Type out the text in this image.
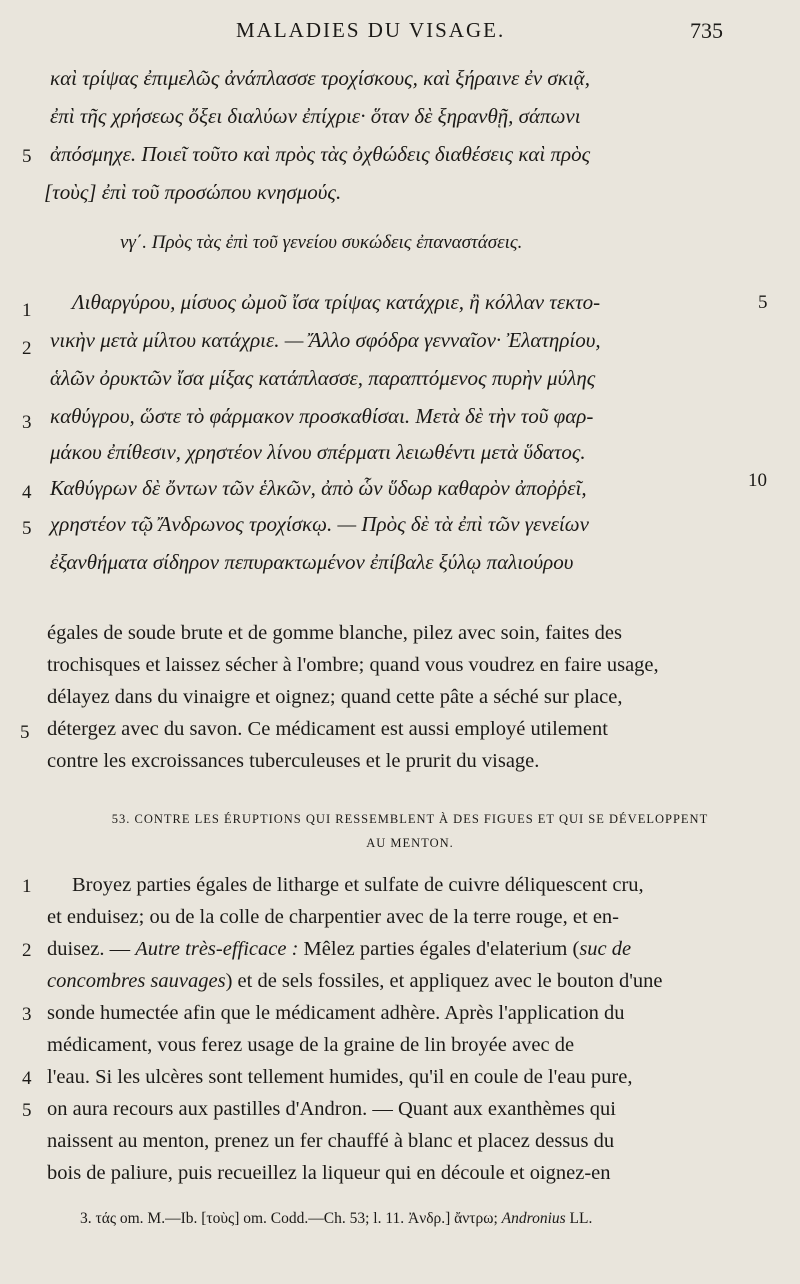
MALADIES DU VISAGE.	735
καὶ τρίψας ἐπιμελῶς ἀνάπλασσε τροχίσκους, καὶ ξήραινε ἐν σκιᾷ,
ἐπὶ τῆς χρήσεως ὄξει διαλύων ἐπίχριε· ὅταν δὲ ξηρανθῇ, σάπωνι
ἀπόσμηχε. Ποιεῖ τοῦτο καὶ πρὸς τὰς ὀχθώδεις διαθέσεις καὶ πρὸς
[τοὺς] ἐπὶ τοῦ προσώπου κνησμούς.
5
νγ΄. Πρὸς τὰς ἐπὶ τοῦ γενείου συκώδεις ἐπαναστάσεις.
Λιθαργύρου, μίσυος ὠμοῦ ἴσα τρίψας κατάχριε, ἢ κόλλαν τεκτο-
νικὴν μετὰ μίλτου κατάχριε. — Ἄλλο σφόδρα γενναῖον· Ἐλατηρίου,
ἁλῶν ὀρυκτῶν ἴσα μίξας κατάπλασσε, παραπτόμενος πυρὴν μύλης
καθύγρου, ὥστε τὸ φάρμακον προσκαθίσαι. Μετὰ δὲ τὴν τοῦ φαρ-
μάκου ἐπίθεσιν, χρηστέον λίνου σπέρματι λειωθέντι μετὰ ὕδατος.
Καθύγρων δὲ ὄντων τῶν ἑλκῶν, ἀπὸ ὧν ὕδωρ καθαρὸν ἀποῤῥεῖ,
χρηστέον τῷ Ἄνδρωνος τροχίσκῳ. — Πρὸς δὲ τὰ ἐπὶ τῶν γενείων
ἐξανθήματα σίδηρον πεπυρακτωμένον ἐπίβαλε ξύλῳ παλιούρου
1
2
3
4
5
5
10
égales de soude brute et de gomme blanche, pilez avec soin, faites des
trochisques et laissez sécher à l'ombre; quand vous voudrez en faire usage,
délayez dans du vinaigre et oignez; quand cette pâte a séché sur place,
détergez avec du savon. Ce médicament est aussi employé utilement
contre les excroissances tuberculeuses et le prurit du visage.
5
53. CONTRE LES ÉRUPTIONS QUI RESSEMBLENT À DES FIGUES ET QUI SE DÉVELOPPENT
AU MENTON.
Broyez parties égales de litharge et sulfate de cuivre déliquescent cru,
et enduisez; ou de la colle de charpentier avec de la terre rouge, et en-
duisez. — Autre très-efficace : Mêlez parties égales d'elaterium (suc de
concombres sauvages) et de sels fossiles, et appliquez avec le bouton d'une
sonde humectée afin que le médicament adhère. Après l'application du
médicament, vous ferez usage de la graine de lin broyée avec de
l'eau. Si les ulcères sont tellement humides, qu'il en coule de l'eau pure,
on aura recours aux pastilles d'Andron. — Quant aux exanthèmes qui
naissent au menton, prenez un fer chauffé à blanc et placez dessus du
bois de paliure, puis recueillez la liqueur qui en découle et oignez-en
1
2
3
4
5
3. τάς om. M.—Ib. [τοὺς] om. Codd.—Ch. 53; l. 11. Ἀνδρ.] ἄντρω; Andronius LL.
